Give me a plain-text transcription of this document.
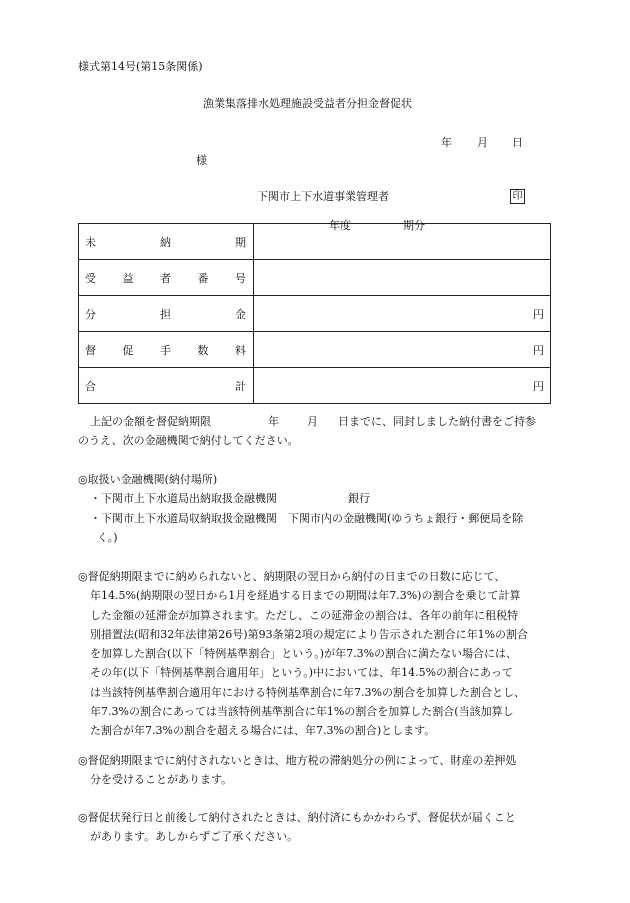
様式第14号(第15条関係)
漁業集落排水処理施設受益者分担金督促状
年 月 日
様
下関市上下水道事業管理者	印
未 納 期	年度 期分

受 益 者 番 号	

分 担 金	円

督 促 手 数 料	円

合 計	円
上記の金額を督促納期限	年	月 日までに、同封しました納付書をご持参
のうえ、次の金融機関で納付してください。
◎取扱い金融機関(納付場所)
・下関市上下水道局出納取扱金融機関	銀行
・下関市上下水道局収納取扱金融機関　下関市内の金融機関(ゆうちょ銀行・郵便局を除
く。)
◎督促納期限までに納められないと、納期限の翌日から納付の日までの日数に応じて、
年14.5%(納期限の翌日から1月を経過する日までの期間は年7.3%)の割合を乗じて計算
した金額の延滞金が加算されます。ただし、この延滞金の割合は、各年の前年に租税特
別措置法(昭和32年法律第26号)第93条第2項の規定により告示された割合に年1%の割合
を加算した割合(以下「特例基準割合」という。)が年7.3%の割合に満たない場合には、
その年(以下「特例基準割合適用年」という。)中においては、年14.5%の割合にあって
は当該特例基準割合適用年における特例基準割合に年7.3%の割合を加算した割合とし、
年7.3%の割合にあっては当該特例基準割合に年1%の割合を加算した割合(当該加算し
た割合が年7.3%の割合を超える場合には、年7.3%の割合)とします。
◎督促納期限までに納付されないときは、地方税の滞納処分の例によって、財産の差押処
分を受けることがあります。
◎督促状発行日と前後して納付されたときは、納付済にもかかわらず、督促状が届くこと
があります。あしからずご了承ください。
